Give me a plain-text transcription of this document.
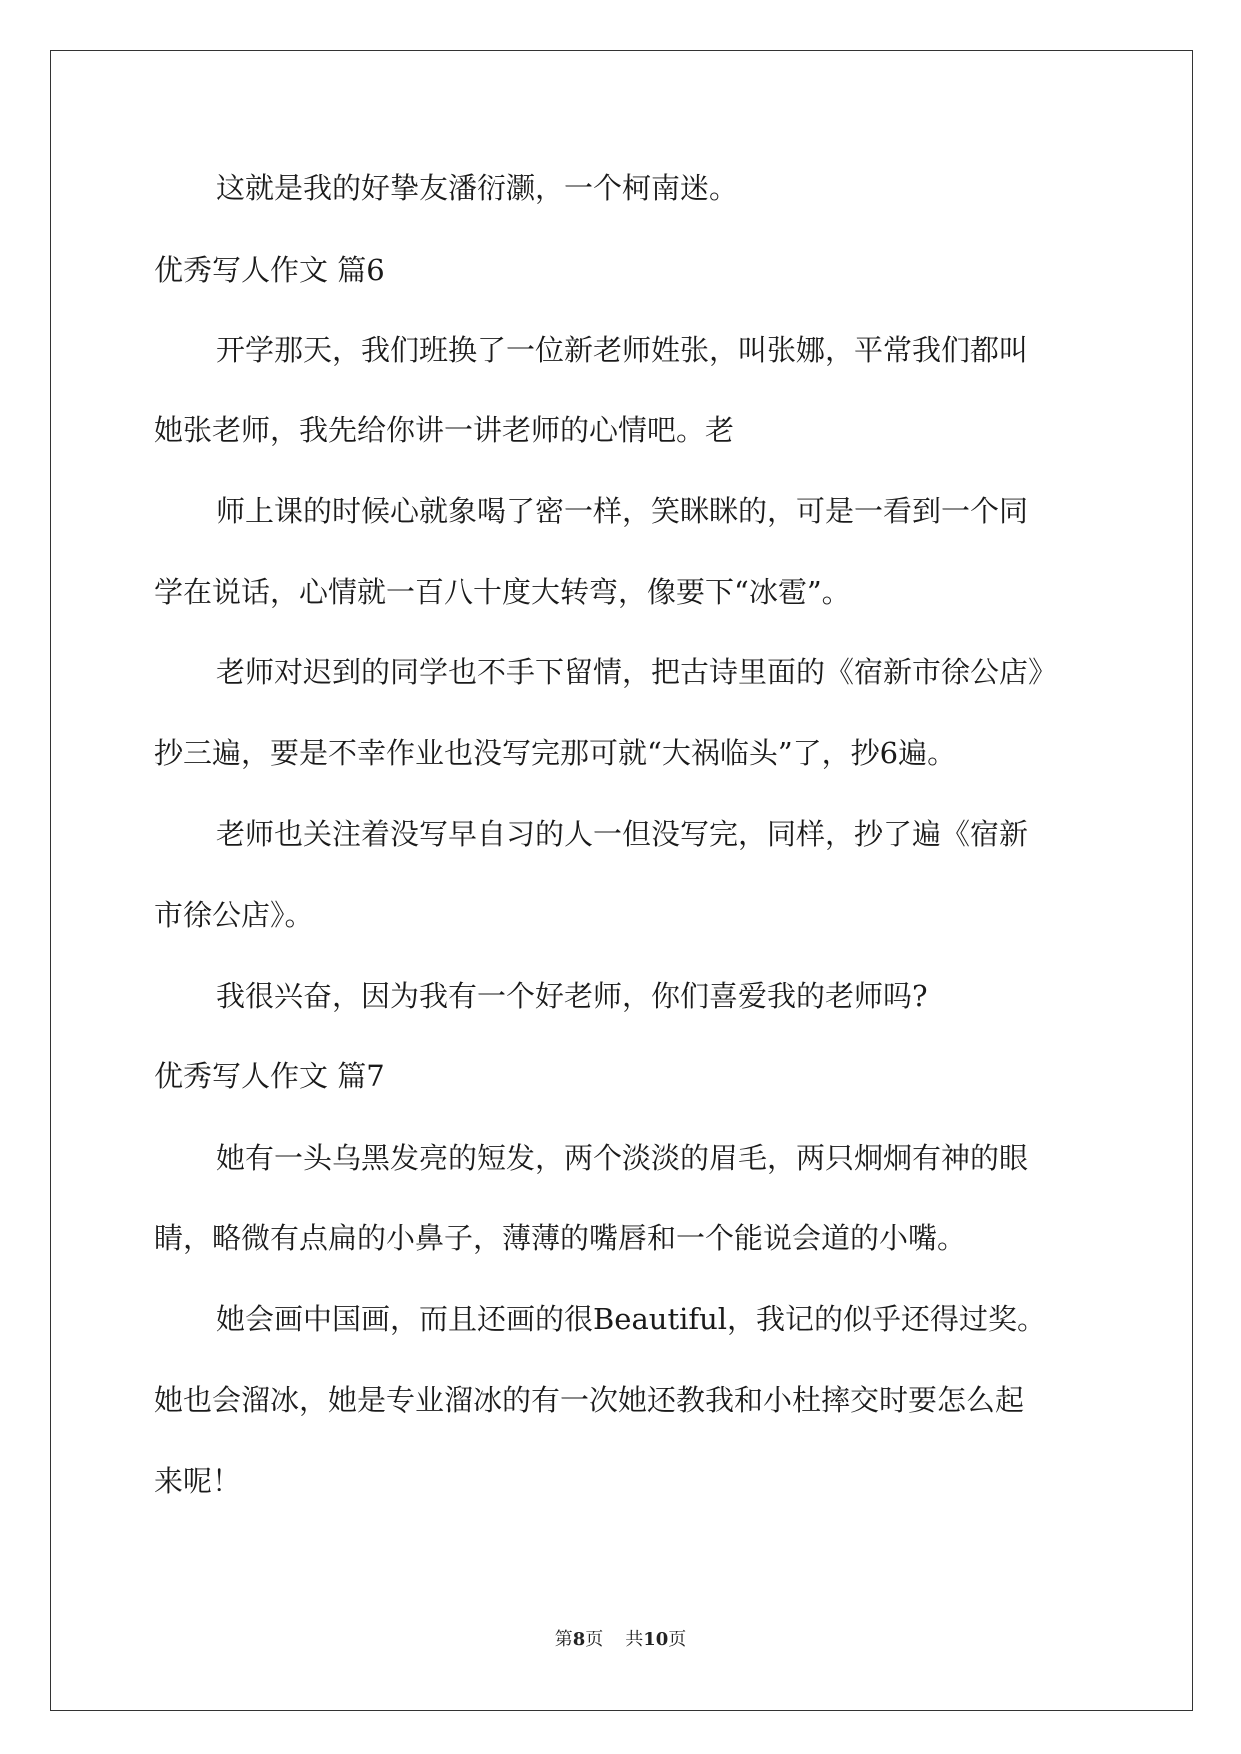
这就是我的好挚友潘衍灏，一个柯南迷。
优秀写人作文 篇6
开学那天，我们班换了一位新老师姓张，叫张娜，平常我们都叫
她张老师，我先给你讲一讲老师的心情吧。老
师上课的时候心就象喝了密一样，笑眯眯的，可是一看到一个同
学在说话，心情就一百八十度大转弯，像要下“冰雹”。
老师对迟到的同学也不手下留情，把古诗里面的《宿新市徐公店》
抄三遍，要是不幸作业也没写完那可就“大祸临头”了，抄6遍。
老师也关注着没写早自习的人一但没写完，同样，抄了遍《宿新
市徐公店》。
我很兴奋，因为我有一个好老师，你们喜爱我的老师吗?
优秀写人作文 篇7
她有一头乌黑发亮的短发，两个淡淡的眉毛，两只炯炯有神的眼
睛，略微有点扁的小鼻子，薄薄的嘴唇和一个能说会道的小嘴。
她会画中国画，而且还画的很Beautiful，我记的似乎还得过奖。
她也会溜冰，她是专业溜冰的有一次她还教我和小杜摔交时要怎么起
来呢！
第8页 共10页
